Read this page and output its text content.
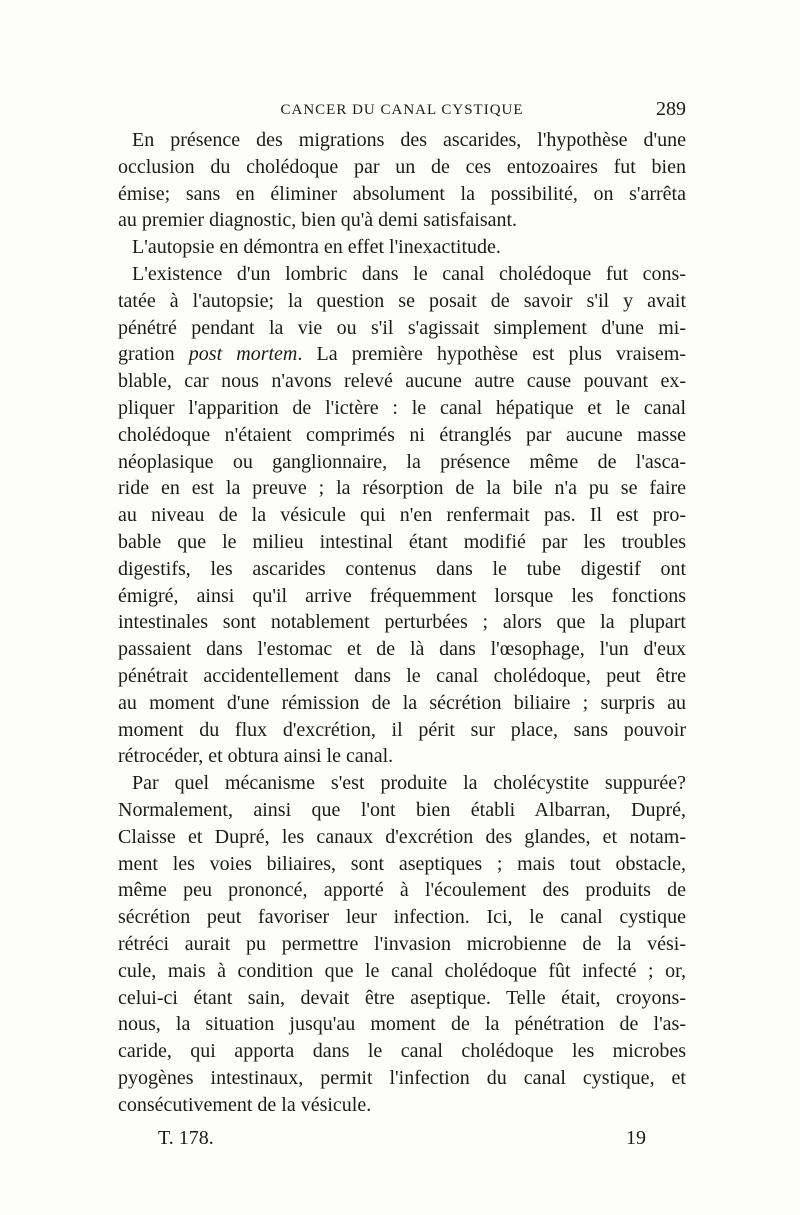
CANCER DU CANAL CYSTIQUE	289
En présence des migrations des ascarides, l'hypothèse d'une
occlusion du cholédoque par un de ces entozoaires fut bien
émise; sans en éliminer absolument la possibilité, on s'arrêta
au premier diagnostic, bien qu'à demi satisfaisant.
L'autopsie en démontra en effet l'inexactitude.
L'existence d'un lombric dans le canal cholédoque fut cons-
tatée à l'autopsie; la question se posait de savoir s'il y avait
pénétré pendant la vie ou s'il s'agissait simplement d'une mi-
gration post mortem. La première hypothèse est plus vraisem-
blable, car nous n'avons relevé aucune autre cause pouvant ex-
pliquer l'apparition de l'ictère : le canal hépatique et le canal
cholédoque n'étaient comprimés ni étranglés par aucune masse
néoplasique ou ganglionnaire, la présence même de l'asca-
ride en est la preuve ; la résorption de la bile n'a pu se faire
au niveau de la vésicule qui n'en renfermait pas. Il est pro-
bable que le milieu intestinal étant modifié par les troubles
digestifs, les ascarides contenus dans le tube digestif ont
émigré, ainsi qu'il arrive fréquemment lorsque les fonctions
intestinales sont notablement perturbées ; alors que la plupart
passaient dans l'estomac et de là dans l'œsophage, l'un d'eux
pénétrait accidentellement dans le canal cholédoque, peut être
au moment d'une rémission de la sécrétion biliaire ; surpris au
moment du flux d'excrétion, il périt sur place, sans pouvoir
rétrocéder, et obtura ainsi le canal.
Par quel mécanisme s'est produite la cholécystite suppurée?
Normalement, ainsi que l'ont bien établi Albarran, Dupré,
Claisse et Dupré, les canaux d'excrétion des glandes, et notam-
ment les voies biliaires, sont aseptiques ; mais tout obstacle,
même peu prononcé, apporté à l'écoulement des produits de
sécrétion peut favoriser leur infection. Ici, le canal cystique
rétréci aurait pu permettre l'invasion microbienne de la vési-
cule, mais à condition que le canal cholédoque fût infecté ; or,
celui-ci étant sain, devait être aseptique. Telle était, croyons-
nous, la situation jusqu'au moment de la pénétration de l'as-
caride, qui apporta dans le canal cholédoque les microbes
pyogènes intestinaux, permit l'infection du canal cystique, et
consécutivement de la vésicule.
T. 178.	19
